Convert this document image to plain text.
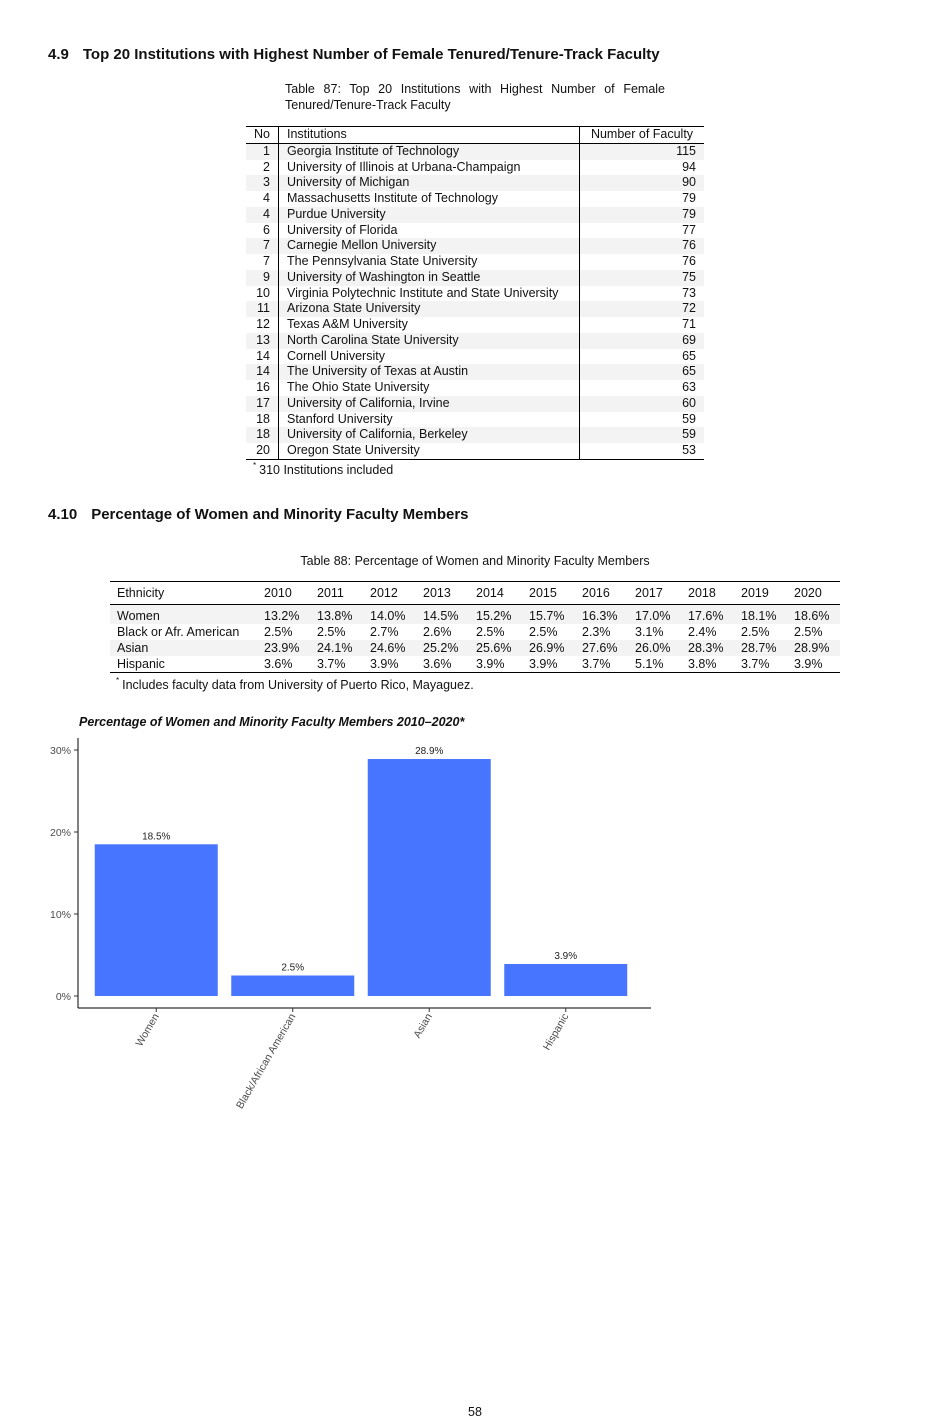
4.9 Top 20 Institutions with Highest Number of Female Tenured/Tenure-Track Faculty

Table 87: Top 20 Institutions with Highest Number of Female Tenured/Tenure-Track Faculty

No	Institutions	Number of Faculty
1	Georgia Institute of Technology	115
2	University of Illinois at Urbana-Champaign	94
3	University of Michigan	90
4	Massachusetts Institute of Technology	79
4	Purdue University	79
6	University of Florida	77
7	Carnegie Mellon University	76
7	The Pennsylvania State University	76
9	University of Washington in Seattle	75
10	Virginia Polytechnic Institute and State University	73
11	Arizona State University	72
12	Texas A&M University	71
13	North Carolina State University	69
14	Cornell University	65
14	The University of Texas at Austin	65
16	The Ohio State University	63
17	University of California, Irvine	60
18	Stanford University	59
18	University of California, Berkeley	59
20	Oregon State University	53
* 310 Institutions included
4.10 Percentage of Women and Minority Faculty Members

Table 88: Percentage of Women and Minority Faculty Members

Ethnicity	2010	2011	2012	2013	2014	2015	2016	2017	2018	2019	2020
Women	13.2%	13.8%	14.0%	14.5%	15.2%	15.7%	16.3%	17.0%	17.6%	18.1%	18.6%
Black or Afr. American	2.5%	2.5%	2.7%	2.6%	2.5%	2.5%	2.3%	3.1%	2.4%	2.5%	2.5%
Asian	23.9%	24.1%	24.6%	25.2%	25.6%	26.9%	27.6%	26.0%	28.3%	28.7%	28.9%
Hispanic	3.6%	3.7%	3.9%	3.6%	3.9%	3.9%	3.7%	5.1%	3.8%	3.7%	3.9%
* Includes faculty data from University of Puerto Rico, Mayaguez.

Percentage of Women and Minority Faculty Members 2010–2020*

0%
10%
20%
30%
18.5%
Women
2.5%
Black/African American
28.9%
Asian
3.9%
Hispanic
58
